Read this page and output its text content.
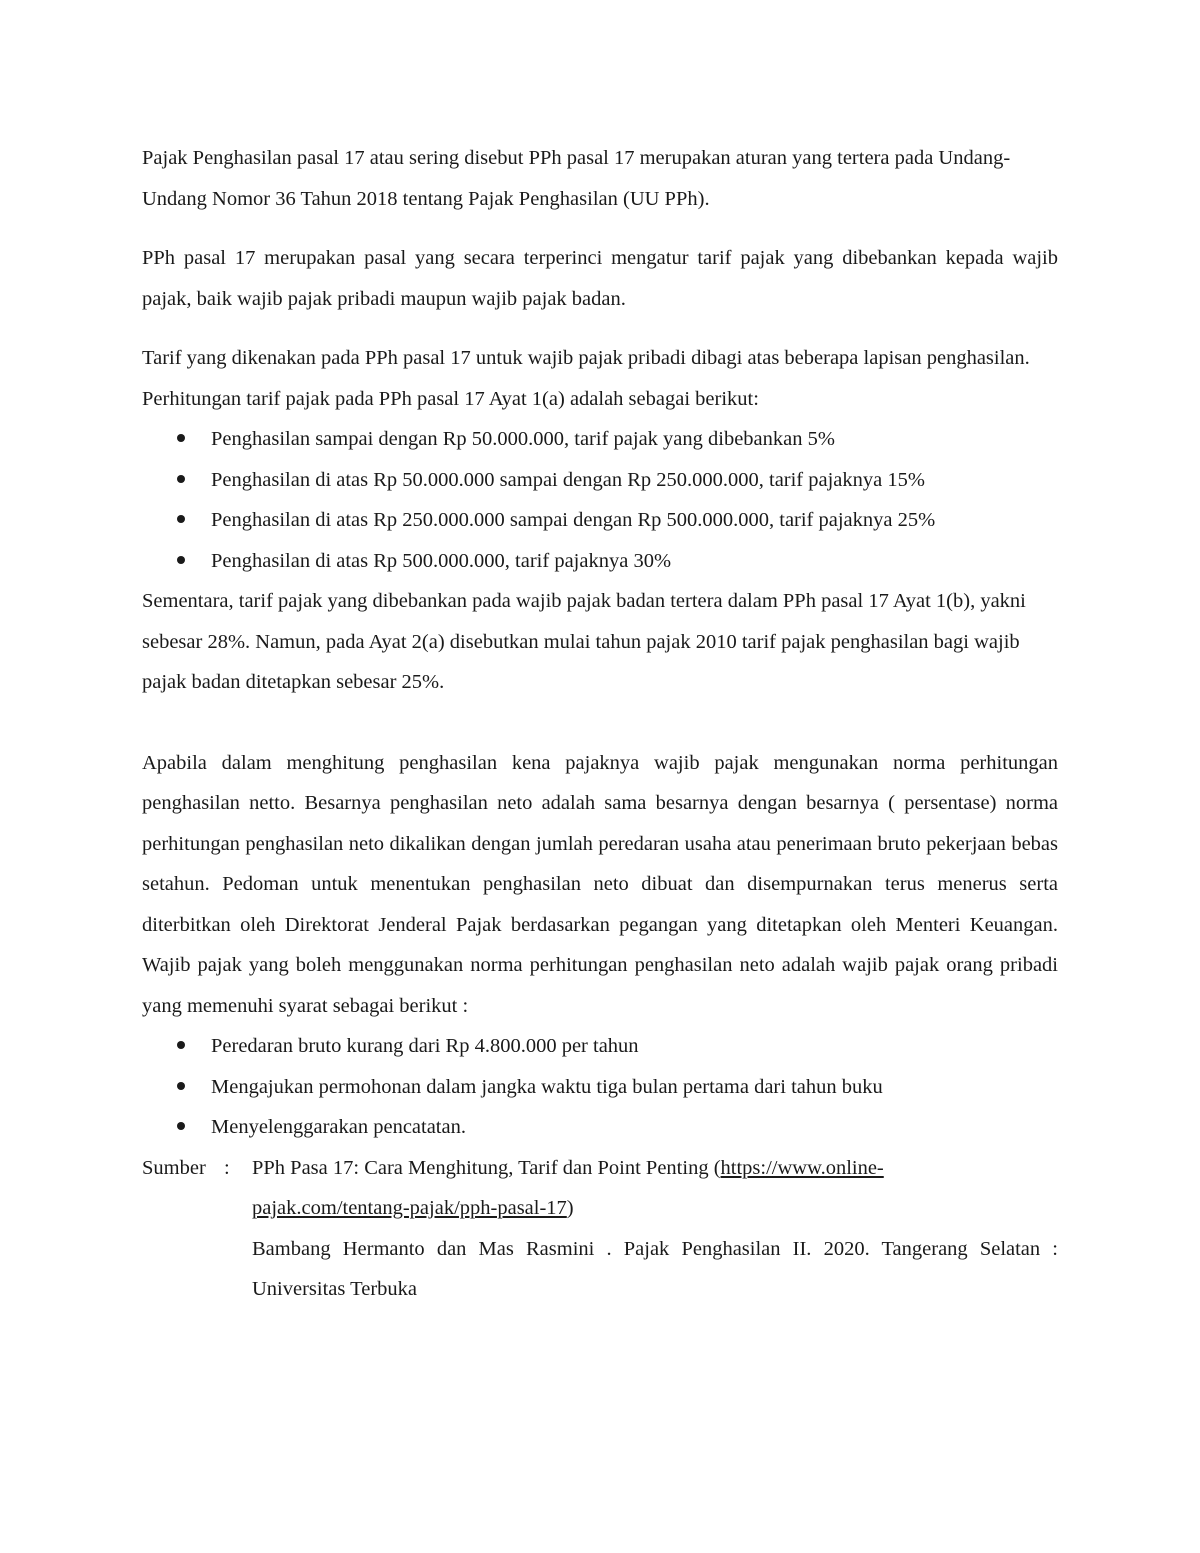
Pajak Penghasilan pasal 17 atau sering disebut PPh pasal 17 merupakan aturan yang tertera pada Undang-Undang Nomor 36 Tahun 2018 tentang Pajak Penghasilan (UU PPh).

PPh pasal 17 merupakan pasal yang secara terperinci mengatur tarif pajak yang dibebankan kepada wajib pajak, baik wajib pajak pribadi maupun wajib pajak badan.

Tarif yang dikenakan pada PPh pasal 17 untuk wajib pajak pribadi dibagi atas beberapa lapisan penghasilan. Perhitungan tarif pajak pada PPh pasal 17 Ayat 1(a) adalah sebagai berikut:

Penghasilan sampai dengan Rp 50.000.000, tarif pajak yang dibebankan 5%
Penghasilan di atas Rp 50.000.000 sampai dengan Rp 250.000.000, tarif pajaknya 15%
Penghasilan di atas Rp 250.000.000 sampai dengan Rp 500.000.000, tarif pajaknya 25%
Penghasilan di atas Rp 500.000.000, tarif pajaknya 30%

Sementara, tarif pajak yang dibebankan pada wajib pajak badan tertera dalam PPh pasal 17 Ayat 1(b), yakni sebesar 28%. Namun, pada Ayat 2(a) disebutkan mulai tahun pajak 2010 tarif pajak penghasilan bagi wajib pajak badan ditetapkan sebesar 25%.

Apabila dalam menghitung penghasilan kena pajaknya wajib pajak mengunakan norma perhitungan penghasilan netto. Besarnya penghasilan neto adalah sama besarnya dengan besarnya ( persentase) norma perhitungan penghasilan neto dikalikan dengan jumlah peredaran usaha atau penerimaan bruto pekerjaan bebas setahun. Pedoman untuk menentukan penghasilan neto dibuat dan disempurnakan terus menerus serta diterbitkan oleh Direktorat Jenderal Pajak berdasarkan pegangan yang ditetapkan oleh Menteri Keuangan. Wajib pajak yang boleh menggunakan norma perhitungan penghasilan neto adalah wajib pajak orang pribadi yang memenuhi syarat sebagai berikut :

Peredaran bruto kurang dari Rp 4.800.000 per tahun
Mengajukan permohonan dalam jangka waktu tiga bulan pertama dari tahun buku
Menyelenggarakan pencatatan.
Sumber :	PPh Pasa 17: Cara Menghitung, Tarif dan Point Penting (https://www.online-
pajak.com/tentang-pajak/pph-pasal-17)
Bambang Hermanto dan Mas Rasmini . Pajak Penghasilan II. 2020. Tangerang Selatan : Universitas Terbuka
